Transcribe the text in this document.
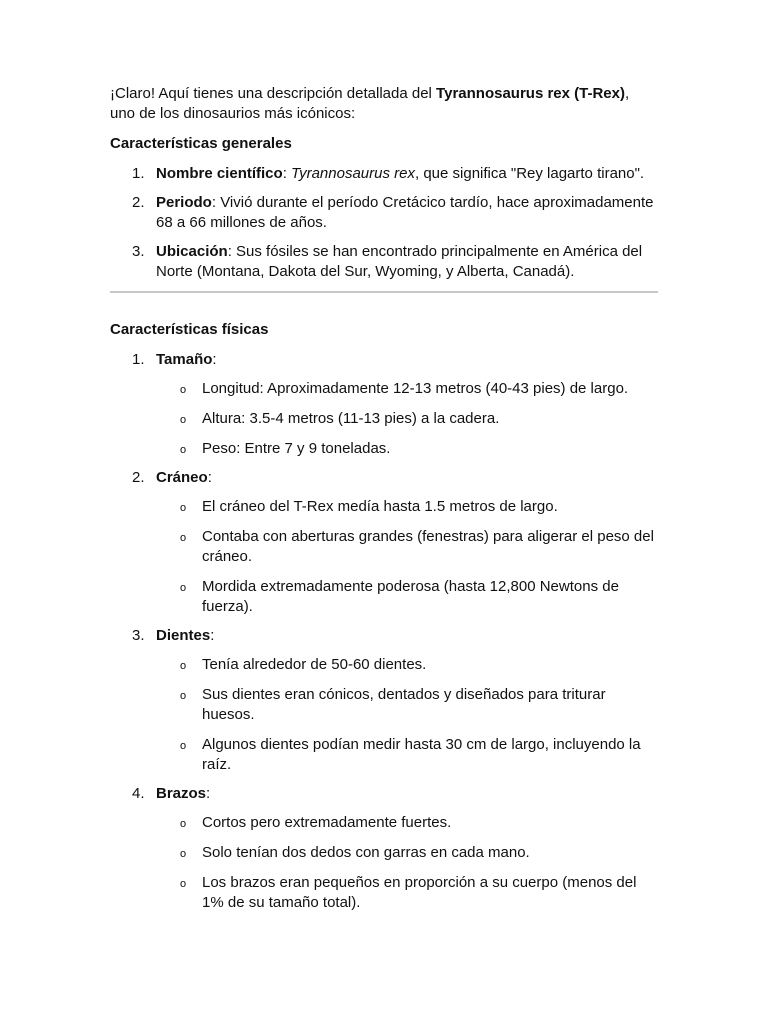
¡Claro! Aquí tienes una descripción detallada del Tyrannosaurus rex (T-Rex), uno de los dinosaurios más icónicos:

Características generales

1. Nombre científico: Tyrannosaurus rex, que significa "Rey lagarto tirano".
2. Periodo: Vivió durante el período Cretácico tardío, hace aproximadamente 68 a 66 millones de años.
3. Ubicación: Sus fósiles se han encontrado principalmente en América del Norte (Montana, Dakota del Sur, Wyoming, y Alberta, Canadá).

Características físicas

1. Tamaño:
o Longitud: Aproximadamente 12-13 metros (40-43 pies) de largo.
o Altura: 3.5-4 metros (11-13 pies) a la cadera.
o Peso: Entre 7 y 9 toneladas.
2. Cráneo:
o El cráneo del T-Rex medía hasta 1.5 metros de largo.
o Contaba con aberturas grandes (fenestras) para aligerar el peso del cráneo.
o Mordida extremadamente poderosa (hasta 12,800 Newtons de fuerza).
3. Dientes:
o Tenía alrededor de 50-60 dientes.
o Sus dientes eran cónicos, dentados y diseñados para triturar huesos.
o Algunos dientes podían medir hasta 30 cm de largo, incluyendo la raíz.
4. Brazos:
o Cortos pero extremadamente fuertes.
o Solo tenían dos dedos con garras en cada mano.
o Los brazos eran pequeños en proporción a su cuerpo (menos del 1% de su tamaño total).
